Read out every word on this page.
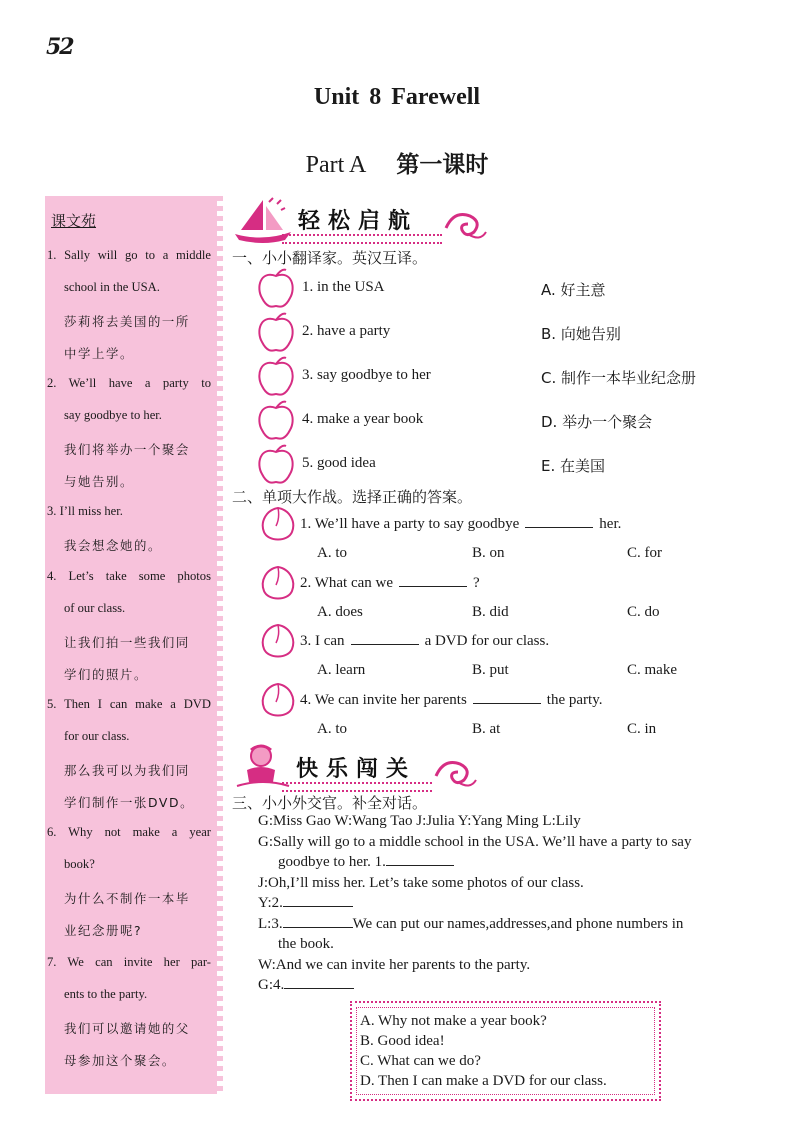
52
Unit 8 Farewell
Part A 第一课时
课文苑
1. Sally will go to a middle
school in the USA.
莎莉将去美国的一所
中学上学。
2. We’ll have a party to
say goodbye to her.
我们将举办一个聚会
与她告别。
3. I’ll miss her.
我会想念她的。
4. Let’s take some photos
of our class.
让我们拍一些我们同
学们的照片。
5. Then I can make a DVD
for our class.
那么我可以为我们同
学们制作一张DVD。
6. Why not make a year
book?
为什么不制作一本毕
业纪念册呢?
7. We can invite her par-
ents to the party.
我们可以邀请她的父
母参加这个聚会。
轻松启航
一、小小翻译家。英汉互译。
1. in the USA	A. 好主意
2. have a party	B. 向她告别
3. say goodbye to her	C. 制作一本毕业纪念册
4. make a year book	D. 举办一个聚会
5. good idea	E. 在美国
二、单项大作战。选择正确的答案。
1. We’ll have a party to say goodbye	her.
A. to	B. on	C. for
2. What can we	?
A. does	B. did	C. do
3. I can	a DVD for our class.
A. learn	B. put	C. make
4. We can invite her parents	the party.
A. to	B. at	C. in
快乐闯关
三、小小外交官。补全对话。
G:Miss Gao W:Wang Tao J:Julia Y:Yang Ming L:Lily
G:Sally will go to a middle school in the USA. We’ll have a party to say
goodbye to her. 1.
J:Oh,I’ll miss her. Let’s take some photos of our class.
Y:2.
L:3.	We can put our names,addresses,and phone numbers in
the book.
W:And we can invite her parents to the party.
G:4.
A. Why not make a year book?
B. Good idea!
C. What can we do?
D. Then I can make a DVD for our class.
